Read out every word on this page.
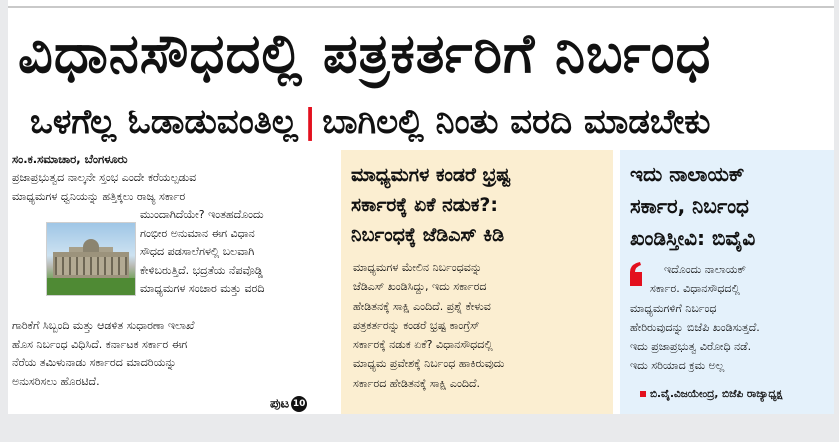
ವಿಧಾನಸೌಧದಲ್ಲಿ ಪತ್ರಕರ್ತರಿಗೆ ನಿರ್ಬಂಧ
ಒಳಗೆಲ್ಲ ಓಡಾಡುವಂತಿಲ್ಲ | ಬಾಗಿಲಲ್ಲಿ ನಿಂತು ವರದಿ ಮಾಡಬೇಕು
ಸಂ.ಕ.ಸಮಾಚಾರ, ಬೆಂಗಳೂರು
ಪ್ರಜಾಪ್ರಭುತ್ವದ ನಾಲ್ಕನೇ ಸ್ತಂಭ ಎಂದೇ ಕರೆಯಲ್ಪಡುವ
ಮಾಧ್ಯಮಗಳ ಧ್ವನಿಯನ್ನು ಹತ್ತಿಕ್ಕಲು ರಾಜ್ಯ ಸರ್ಕಾರ
ಮುಂದಾಗಿದೆಯೇ? ಇಂತಹದೊಂದು
ಗಂಭೀರ ಅನುಮಾನ ಈಗ ವಿಧಾನ
ಸೌಧದ ಪಡಸಾಲೆಗಳಲ್ಲಿ ಬಲವಾಗಿ
ಕೇಳಿಬರುತ್ತಿದೆ. ಭದ್ರತೆಯ ನೆಪವೊಡ್ಡಿ
ಮಾಧ್ಯಮಗಳ ಸಂಚಾರ ಮತ್ತು ವರದಿ
ಗಾರಿಕೆಗೆ ಸಿಬ್ಬಂದಿ ಮತ್ತು ಆಡಳಿತ ಸುಧಾರಣಾ ಇಲಾಖೆ
ಹೊಸ ನಿರ್ಬಂಧ ವಿಧಿಸಿದೆ. ಕರ್ನಾಟಕ ಸರ್ಕಾರ ಈಗ
ನೆರೆಯ ತಮಿಳುನಾಡು ಸರ್ಕಾರದ ಮಾದರಿಯನ್ನು
ಅನುಸರಿಸಲು ಹೊರಟಿದೆ.
ಪುಟ 10
ಮಾಧ್ಯಮಗಳ ಕಂಡರೆ ಭ್ರಷ್ಟ
ಸರ್ಕಾರಕ್ಕೆ ಏಕೆ ನಡುಕ?:
ನಿರ್ಬಂಧಕ್ಕೆ ಜೆಡಿಎಸ್ ಕಿಡಿ
ಮಾಧ್ಯಮಗಳ ಮೇಲಿನ ನಿರ್ಬಂಧವನ್ನು
ಜೆಡಿಎಸ್ ಖಂಡಿಸಿದ್ದು, ಇದು ಸರ್ಕಾರದ
ಹೇಡಿತನಕ್ಕೆ ಸಾಕ್ಷಿ ಎಂದಿದೆ. ಪ್ರಶ್ನೆ ಕೇಳುವ
ಪತ್ರಕರ್ತರನ್ನು ಕಂಡರೆ ಭ್ರಷ್ಟ ಕಾಂಗ್ರೆಸ್
ಸರ್ಕಾರಕ್ಕೆ ನಡುಕ ಏಕೆ? ವಿಧಾನಸೌಧದಲ್ಲಿ
ಮಾಧ್ಯಮ ಪ್ರವೇಶಕ್ಕೆ ನಿರ್ಬಂಧ ಹಾಕಿರುವುದು
ಸರ್ಕಾರದ ಹೇಡಿತನಕ್ಕೆ ಸಾಕ್ಷಿ ಎಂದಿದೆ.
ಇದು ನಾಲಾಯಕ್
ಸರ್ಕಾರ, ನಿರ್ಬಂಧ
ಖಂಡಿಸ್ತೀವಿ: ಬಿವೈವಿ
ಇದೊಂದು ನಾಲಾಯಕ್
ಸರ್ಕಾರ. ವಿಧಾನಸೌಧದಲ್ಲಿ
ಮಾಧ್ಯಮಗಳಿಗೆ ನಿರ್ಬಂಧ
ಹೇರಿರುವುದನ್ನು ಬಿಜೆಪಿ ಖಂಡಿಸುತ್ತದೆ.
ಇದು ಪ್ರಜಾಪ್ರಭುತ್ವ ವಿರೋಧಿ ನಡೆ.
ಇದು ಸರಿಯಾದ ಕ್ರಮ ಅಲ್ಲ
ಬಿ.ವೈ.ವಿಜಯೇಂದ್ರ, ಬಿಜೆಪಿ ರಾಜ್ಯಾಧ್ಯಕ್ಷ
